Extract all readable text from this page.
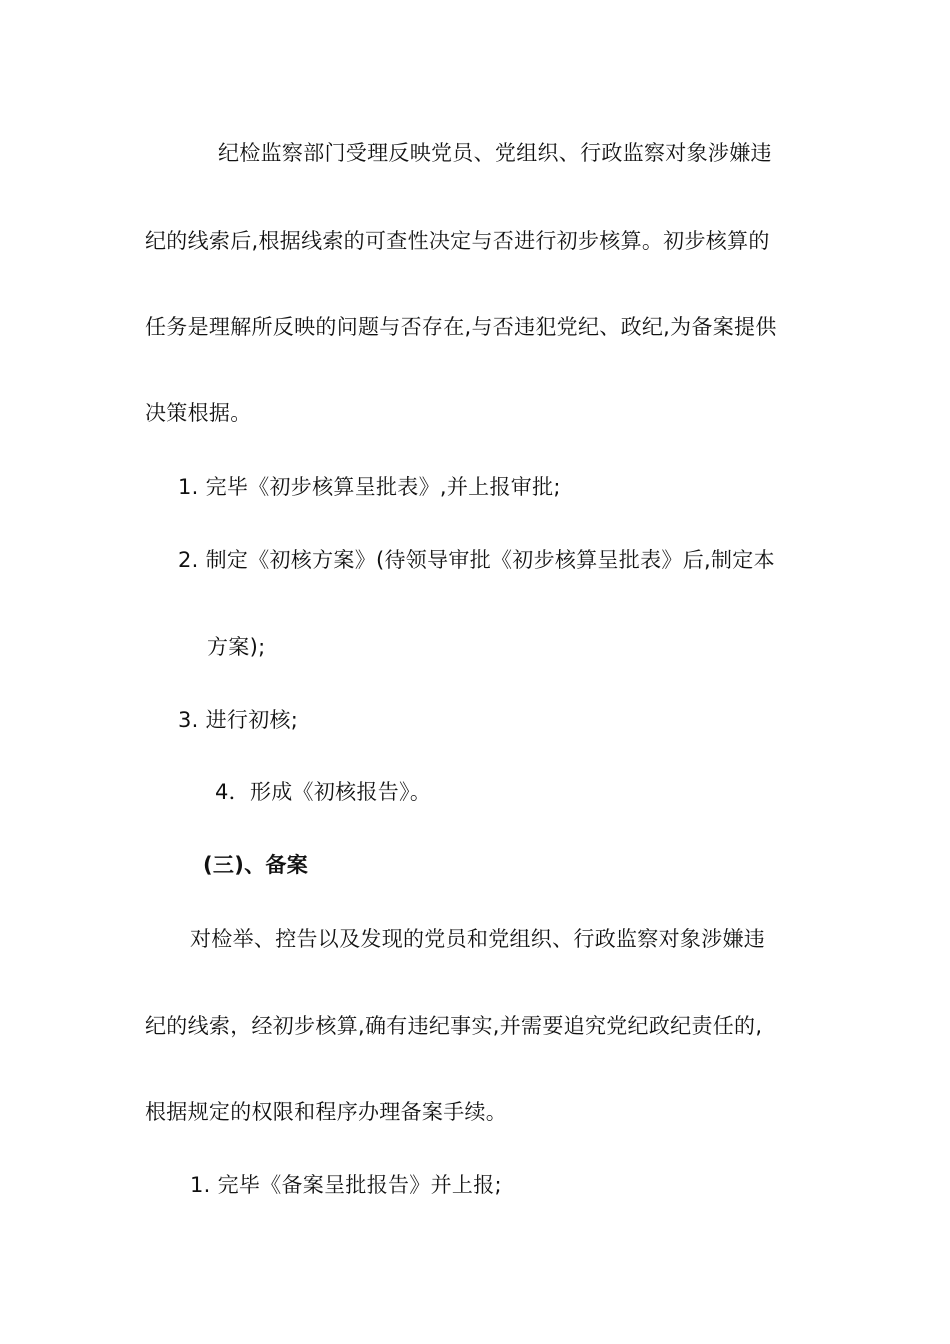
纪检监察部门受理反映党员、党组织、行政监察对象涉嫌违
纪的线索后,根据线索的可查性决定与否进行初步核算。初步核算的
任务是理解所反映的问题与否存在,与否违犯党纪、政纪,为备案提供
决策根据。
1. 完毕《初步核算呈批表》,并上报审批;
2. 制定《初核方案》(待领导审批《初步核算呈批表》后,制定本
方案);
3. 进行初核;
4．形成《初核报告》。
(三)、备案
对检举、控告以及发现的党员和党组织、行政监察对象涉嫌违
纪的线索，经初步核算,确有违纪事实,并需要追究党纪政纪责任的,
根据规定的权限和程序办理备案手续。
1. 完毕《备案呈批报告》并上报;
